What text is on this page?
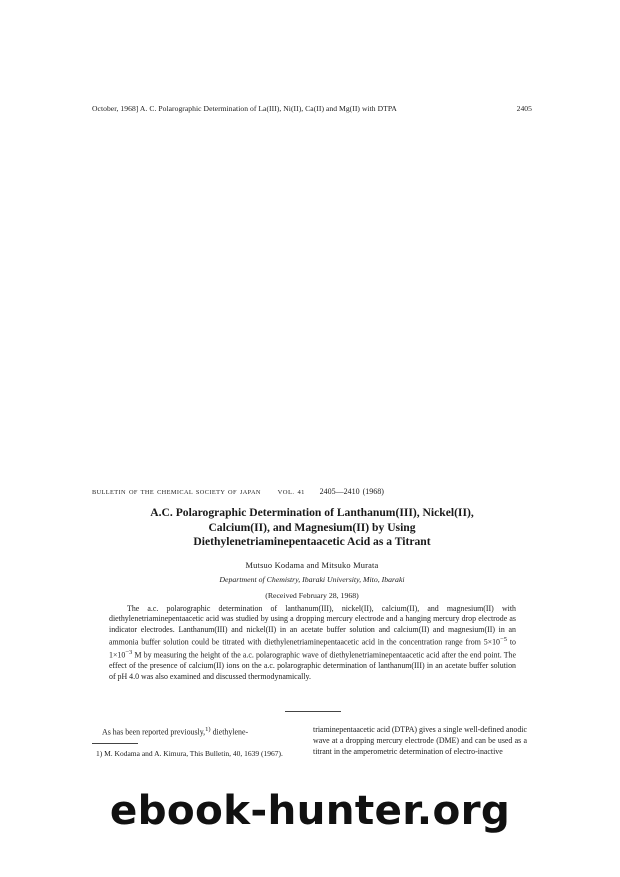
October, 1968] A. C. Polarographic Determination of La(III), Ni(II), Ca(II) and Mg(II) with DTPA	2405
BULLETIN OF THE CHEMICAL SOCIETY OF JAPAN	VOL. 41 2405—2410 (1968)
A.C. Polarographic Determination of Lanthanum(III), Nickel(II),
Calcium(II), and Magnesium(II) by Using
Diethylenetriaminepentaacetic Acid as a Titrant
Mutsuo Kodama and Mitsuko Murata
Department of Chemistry, Ibaraki University, Mito, Ibaraki
(Received February 28, 1968)

The a.c. polarographic determination of lanthanum(III), nickel(II), calcium(II), and magnesium(II) with diethylenetriaminepentaacetic acid was studied by using a dropping mercury electrode and a hanging mercury drop electrode as indicator electrodes. Lanthanum(III) and nickel(II) in an acetate buffer solution and calcium(II) and magnesium(II) in an ammonia buffer solution could be titrated with diethylenetriaminepentaacetic acid in the concentration range from $5\times 10^{-5}$ to $1\times 10^{-3}$ M by measuring the height of the a.c. polarographic wave of diethylenetriaminepentaacetic acid after the end point. The effect of the presence of calcium(II) ions on the a.c. polarographic determination of lanthanum(III) in an acetate buffer solution of pH 4.0 was also examined and discussed thermodynamically.

As has been reported previously,$^{1)}$ diethylene-

1) M. Kodama and A. Kimura, This Bulletin, 40, 1639 (1967).

triaminepentaacetic acid (DTPA) gives a single well-defined anodic wave at a dropping mercury electrode (DME) and can be used as a titrant in the amperometric determination of electro-inactive

ebook-hunter.org
